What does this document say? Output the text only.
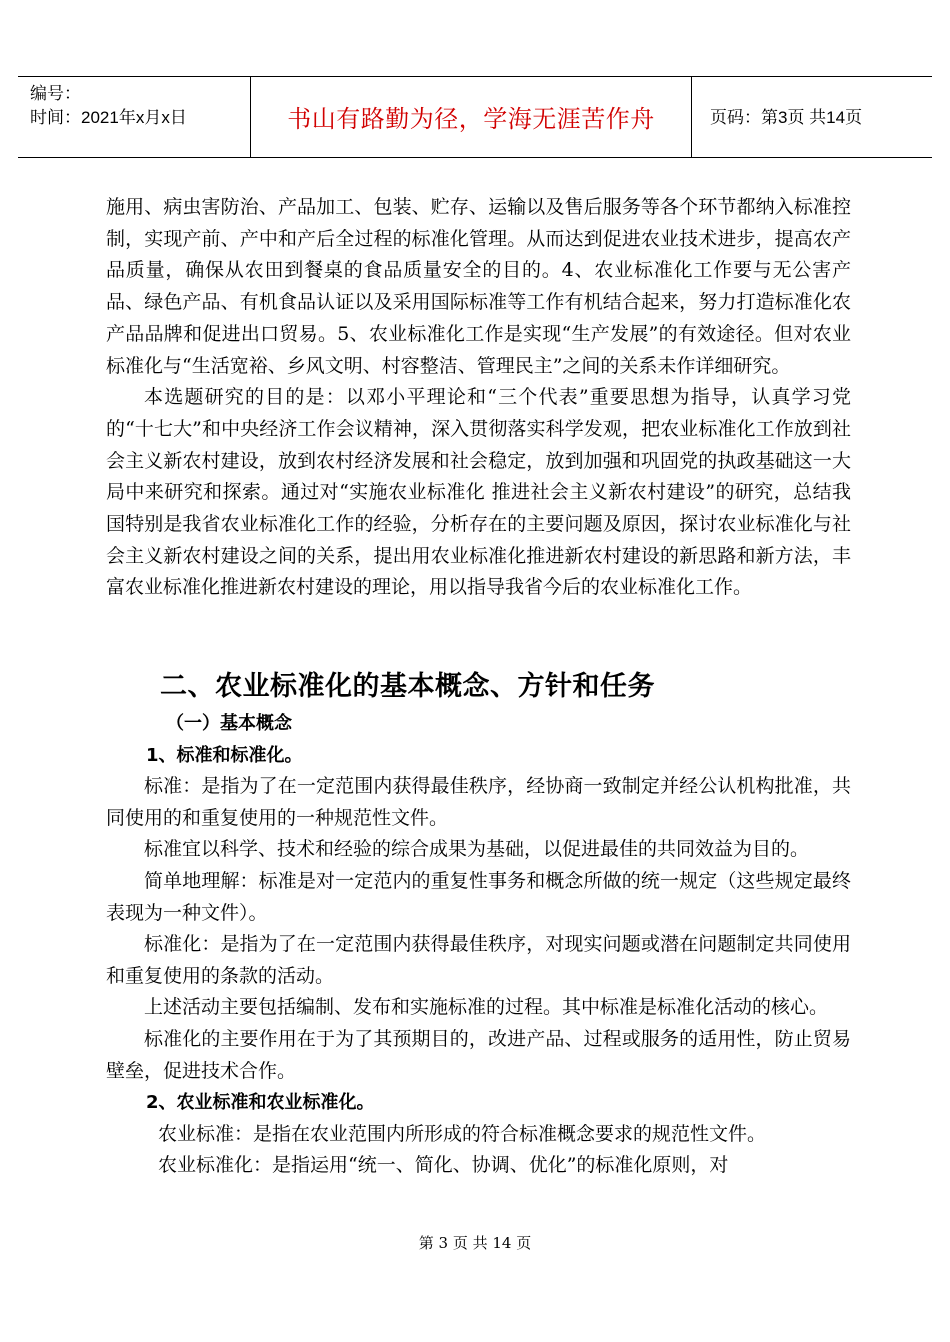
编号：
时间：2021年x月x日	书山有路勤为径，学海无涯苦作舟	页码：第3页 共14页

施用、病虫害防治、产品加工、包装、贮存、运输以及售后服务等各个环节都纳入标准控制，实现产前、产中和产后全过程的标准化管理。从而达到促进农业技术进步，提高农产品质量，确保从农田到餐桌的食品质量安全的目的。4、农业标准化工作要与无公害产品、绿色产品、有机食品认证以及采用国际标准等工作有机结合起来，努力打造标准化农产品品牌和促进出口贸易。5、农业标准化工作是实现“生产发展”的有效途径。但对农业标准化与“生活宽裕、乡风文明、村容整洁、管理民主”之间的关系未作详细研究。

本选题研究的目的是：以邓小平理论和“三个代表”重要思想为指导，认真学习党的“十七大”和中央经济工作会议精神，深入贯彻落实科学发观，把农业标准化工作放到社会主义新农村建设，放到农村经济发展和社会稳定，放到加强和巩固党的执政基础这一大局中来研究和探索。通过对“实施农业标准化 推进社会主义新农村建设”的研究，总结我国特别是我省农业标准化工作的经验，分析存在的主要问题及原因，探讨农业标准化与社会主义新农村建设之间的关系，提出用农业标准化推进新农村建设的新思路和新方法，丰富农业标准化推进新农村建设的理论，用以指导我省今后的农业标准化工作。

二、农业标准化的基本概念、方针和任务

（一）基本概念

1、标准和标准化。

标准：是指为了在一定范围内获得最佳秩序，经协商一致制定并经公认机构批准，共同使用的和重复使用的一种规范性文件。

标准宜以科学、技术和经验的综合成果为基础，以促进最佳的共同效益为目的。

简单地理解：标准是对一定范内的重复性事务和概念所做的统一规定（这些规定最终表现为一种文件）。

标准化：是指为了在一定范围内获得最佳秩序，对现实问题或潜在问题制定共同使用和重复使用的条款的活动。

上述活动主要包括编制、发布和实施标准的过程。其中标准是标准化活动的核心。

标准化的主要作用在于为了其预期目的，改进产品、过程或服务的适用性，防止贸易壁垒，促进技术合作。

2、农业标准和农业标准化。

农业标准：是指在农业范围内所形成的符合标准概念要求的规范性文件。

农业标准化：是指运用“统一、简化、协调、优化”的标准化原则，对

第 3 页 共 14 页
